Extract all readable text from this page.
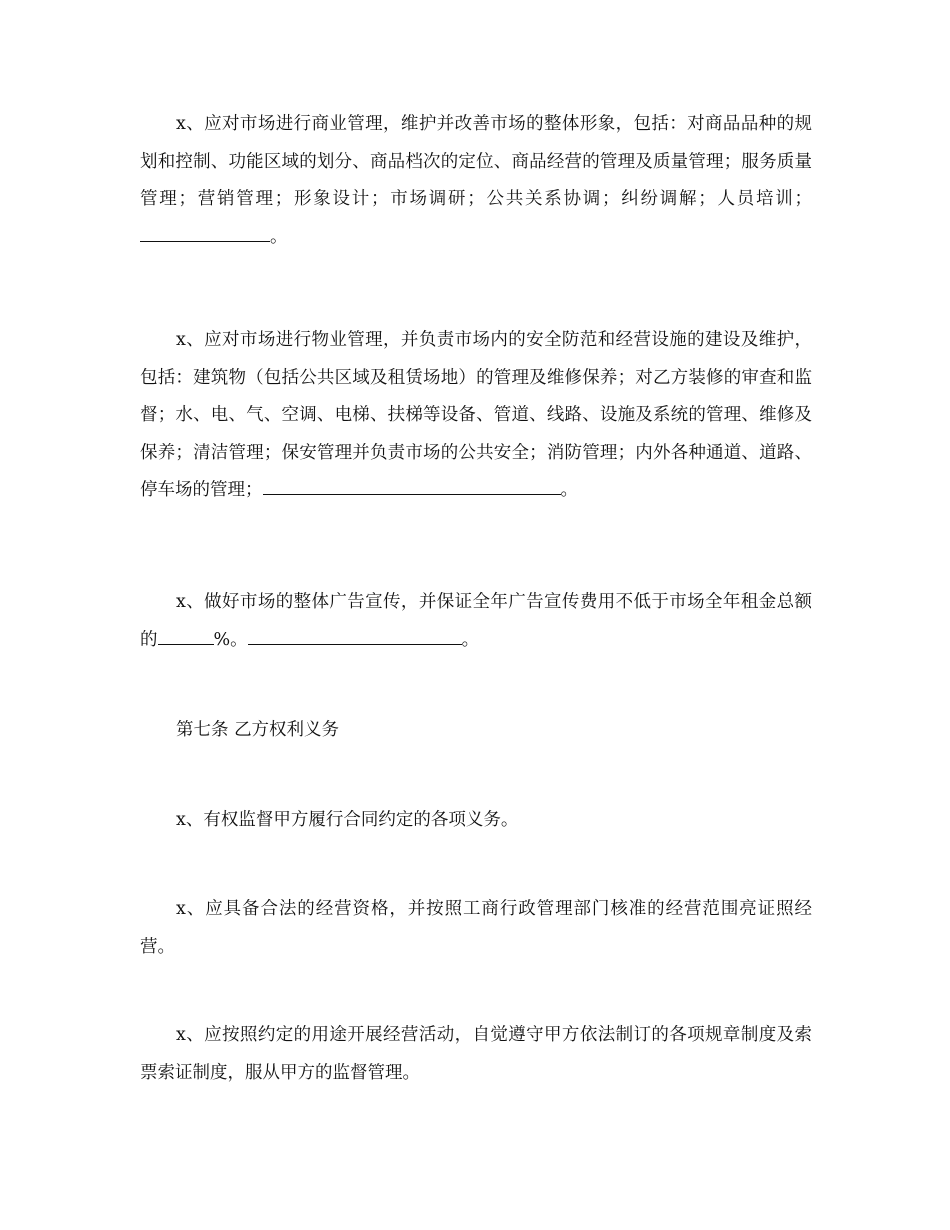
x、应对市场进行商业管理，维护并改善市场的整体形象，包括：对商品品种的规划和控制、功能区域的划分、商品档次的定位、商品经营的管理及质量管理；服务质量管理；营销管理；形象设计；市场调研；公共关系协调；纠纷调解；人员培训；。

x、应对市场进行物业管理，并负责市场内的安全防范和经营设施的建设及维护，包括：建筑物（包括公共区域及租赁场地）的管理及维修保养；对乙方装修的审查和监督；水、电、气、空调、电梯、扶梯等设备、管道、线路、设施及系统的管理、维修及保养；清洁管理；保安管理并负责市场的公共安全；消防管理；内外各种通道、道路、停车场的管理；	。

x、做好市场的整体广告宣传，并保证全年广告宣传费用不低于市场全年租金总额的	%。	。

第七条 乙方权利义务

x、有权监督甲方履行合同约定的各项义务。

x、应具备合法的经营资格，并按照工商行政管理部门核准的经营范围亮证照经营。

x、应按照约定的用途开展经营活动，自觉遵守甲方依法制订的各项规章制度及索票索证制度，服从甲方的监督管理。
